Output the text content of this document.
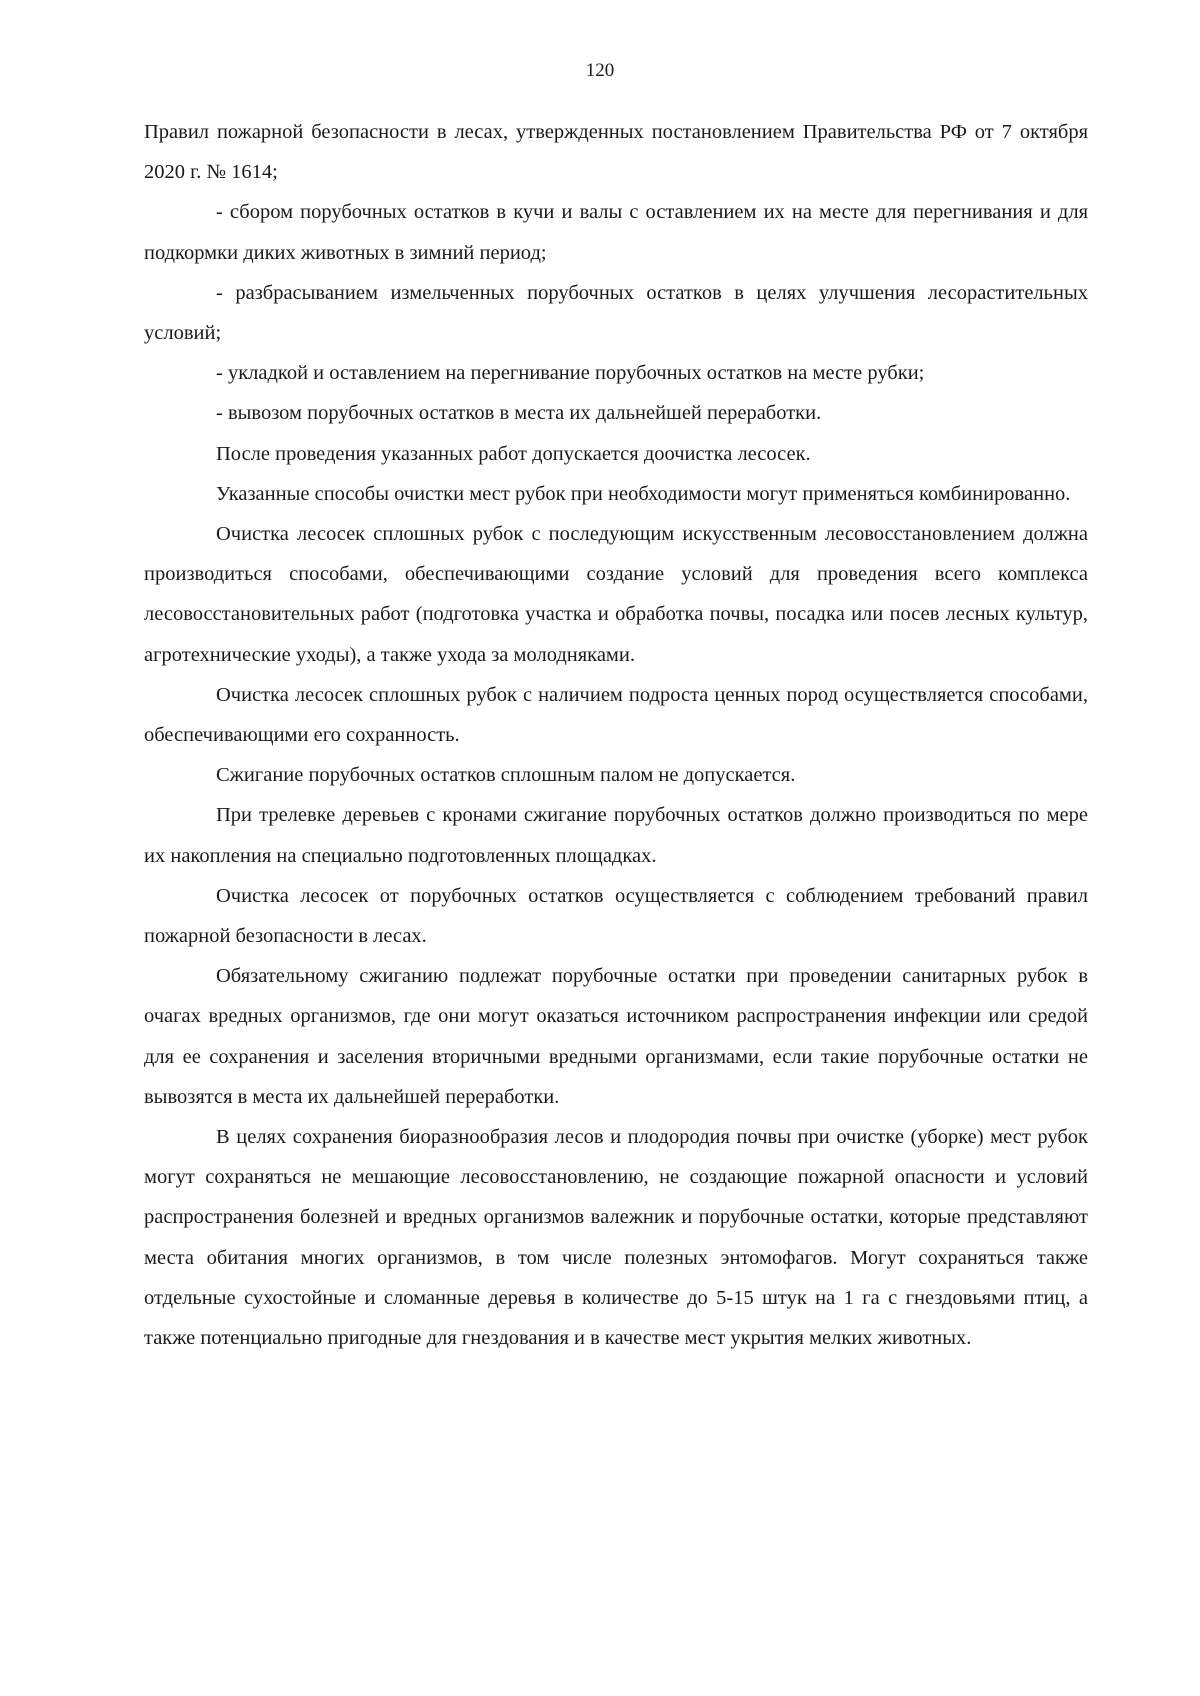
120

Правил пожарной безопасности в лесах, утвержденных постановлением Правительства РФ от 7 октября 2020 г. № 1614;

- сбором порубочных остатков в кучи и валы с оставлением их на месте для перегнивания и для подкормки диких животных в зимний период;

- разбрасыванием измельченных порубочных остатков в целях улучшения лесорастительных условий;

- укладкой и оставлением на перегнивание порубочных остатков на месте рубки;

- вывозом порубочных остатков в места их дальнейшей переработки.

После проведения указанных работ допускается доочистка лесосек.

Указанные способы очистки мест рубок при необходимости могут применяться комбинированно.

Очистка лесосек сплошных рубок с последующим искусственным лесовосстановлением должна производиться способами, обеспечивающими создание условий для проведения всего комплекса лесовосстановительных работ (подготовка участка и обработка почвы, посадка или посев лесных культур, агротехнические уходы), а также ухода за молодняками.

Очистка лесосек сплошных рубок с наличием подроста ценных пород осуществляется способами, обеспечивающими его сохранность.

Сжигание порубочных остатков сплошным палом не допускается.

При трелевке деревьев с кронами сжигание порубочных остатков должно производиться по мере их накопления на специально подготовленных площадках.

Очистка лесосек от порубочных остатков осуществляется с соблюдением требований правил пожарной безопасности в лесах.

Обязательному сжиганию подлежат порубочные остатки при проведении санитарных рубок в очагах вредных организмов, где они могут оказаться источником распространения инфекции или средой для ее сохранения и заселения вторичными вредными организмами, если такие порубочные остатки не вывозятся в места их дальнейшей переработки.

В целях сохранения биоразнообразия лесов и плодородия почвы при очистке (уборке) мест рубок могут сохраняться не мешающие лесовосстановлению, не создающие пожарной опасности и условий распространения болезней и вредных организмов валежник и порубочные остатки, которые представляют места обитания многих организмов, в том числе полезных энтомофагов. Могут сохраняться также отдельные сухостойные и сломанные деревья в количестве до 5-15 штук на 1 га с гнездовьями птиц, а также потенциально пригодные для гнездования и в качестве мест укрытия мелких животных.
